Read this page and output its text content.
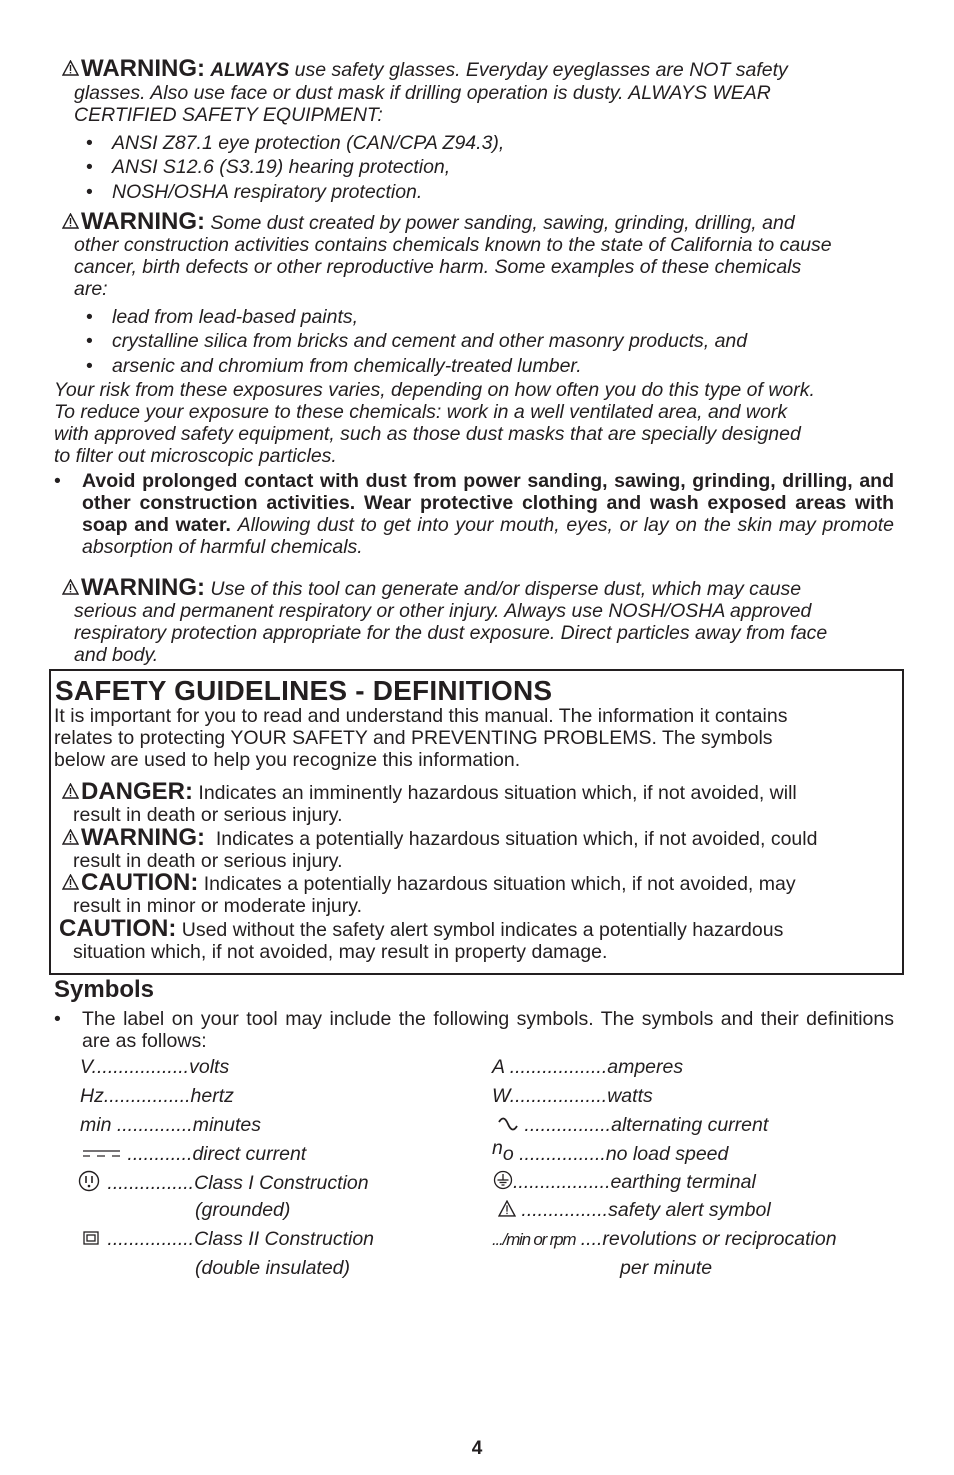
WARNING: ALWAYS use safety glasses. Everyday eyeglasses are NOT safety
glasses. Also use face or dust mask if drilling operation is dusty. ALWAYS WEAR
CERTIFIED SAFETY EQUIPMENT:
• ANSI Z87.1 eye protection (CAN/CPA Z94.3),
• ANSI S12.6 (S3.19) hearing protection,
• NOSH/OSHA respiratory protection.
WARNING: Some dust created by power sanding, sawing, grinding, drilling, and
other construction activities contains chemicals known to the state of California to cause
cancer, birth defects or other reproductive harm. Some examples of these chemicals
are:
• lead from lead-based paints,
• crystalline silica from bricks and cement and other masonry products, and
• arsenic and chromium from chemically-treated lumber.
Your risk from these exposures varies, depending on how often you do this type of work.
To reduce your exposure to these chemicals: work in a well ventilated area, and work
with approved safety equipment, such as those dust masks that are specially designed
to filter out microscopic particles.
• Avoid prolonged contact with dust from power sanding, sawing, grinding, drilling, and other construction activities. Wear protective clothing and wash exposed areas with soap and water. Allowing dust to get into your mouth, eyes, or lay on the skin may promote absorption of harmful chemicals.
WARNING: Use of this tool can generate and/or disperse dust, which may cause
serious and permanent respiratory or other injury. Always use NOSH/OSHA approved
respiratory protection appropriate for the dust exposure. Direct particles away from face
and body.
SAFETY GUIDELINES - DEFINITIONS
It is important for you to read and understand this manual. The information it contains
relates to protecting YOUR SAFETY and PREVENTING PROBLEMS. The symbols
below are used to help you recognize this information.
DANGER: Indicates an imminently hazardous situation which, if not avoided, will
result in death or serious injury.
WARNING: Indicates a potentially hazardous situation which, if not avoided, could
result in death or serious injury.
CAUTION: Indicates a potentially hazardous situation which, if not avoided, may
result in minor or moderate injury.
CAUTION: Used without the safety alert symbol indicates a potentially hazardous
situation which, if not avoided, may result in property damage.
Symbols
• The label on your tool may include the following symbols. The symbols and their definitions are as follows:
V..................volts
Hz................hertz
min ..............minutes
............direct current
................Class I Construction
(grounded)
................Class II Construction
(double insulated)
A ..................amperes
W..................watts
................alternating current
no ................no load speed
..................earthing terminal
................safety alert symbol
.../min or rpm ....revolutions or reciprocation
per minute
4
